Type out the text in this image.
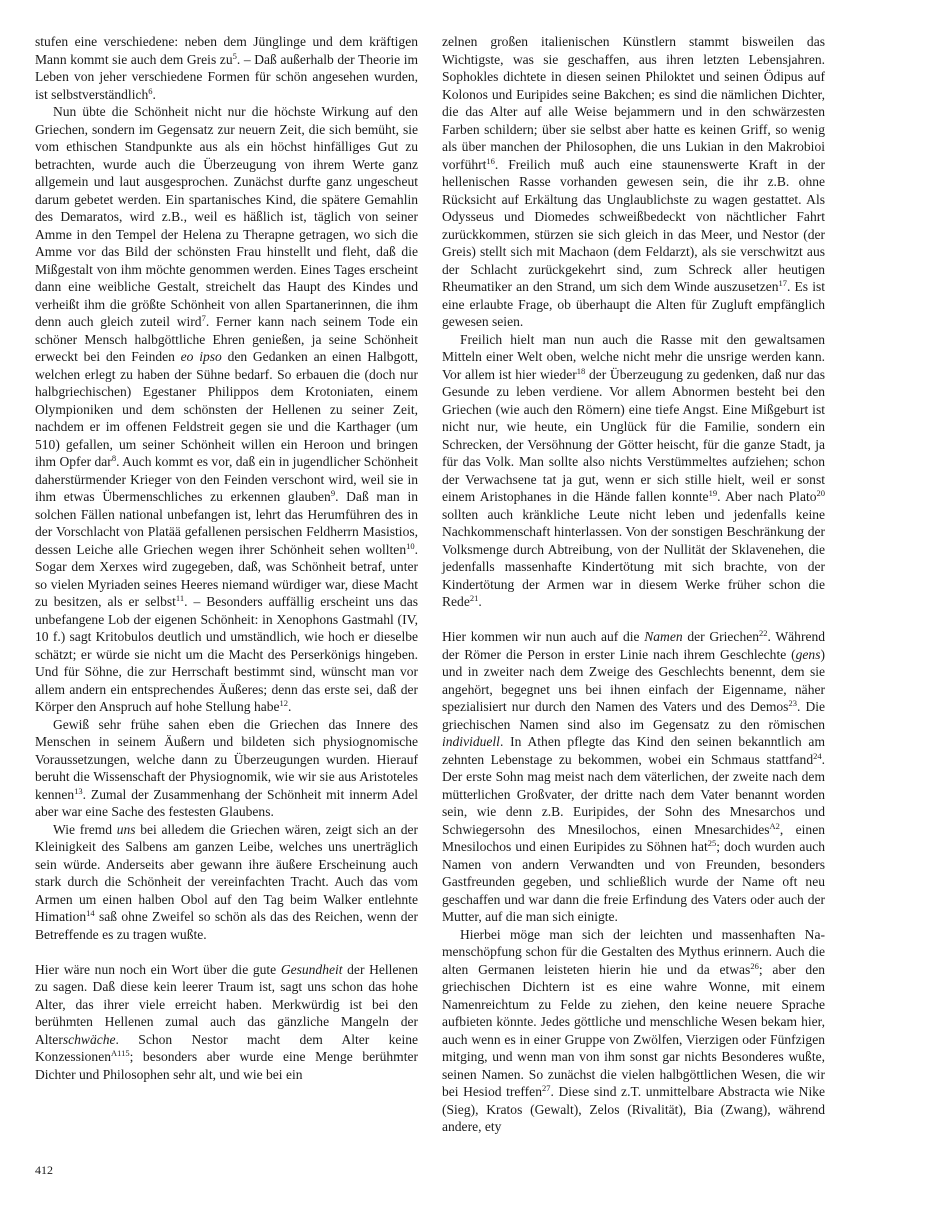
stufen eine verschiedene: neben dem Jünglinge und dem kräftigen Mann kommt sie auch dem Greis $zu^5$. – Daß außerhalb der Theorie im Leben von jeher verschiedene Formen für schön angesehen wurden, ist selbstverständlich$^6$.

Nun übte die Schönheit nicht nur die höchste Wirkung auf den Griechen, sondern im Gegensatz zur neuern Zeit, die sich bemüht, sie vom ethischen Standpunkte aus als ein höchst hinfälliges Gut zu betrachten, wurde auch die Überzeugung von ihrem Werte ganz allgemein und laut ausgesprochen. Zunächst durfte ganz ungescheut darum gebetet werden. Ein spartanisches Kind, die spätere Gemahlin des Demaratos, wird z.B., weil es häßlich ist, täglich von seiner Amme in den Tempel der Helena zu Therapne getragen, wo sich die Amme vor das Bild der schönsten Frau hinstellt und fleht, daß die Mißgestalt von ihm möchte genommen werden. Eines Tages erscheint dann eine weibliche Gestalt, streichelt das Haupt des Kindes und verheißt ihm die größte Schönheit von allen Spartanerinnen, die ihm denn auch gleich zuteil wird$^7$. Ferner kann nach seinem Tode ein schöner Mensch halbgöttliche Ehren genießen, ja seine Schönheit erweckt bei den Feinden eo ipso den Gedanken an einen Halbgott, welchen erlegt zu haben der Sühne bedarf. So erbauen die (doch nur halbgriechischen) Egestaner Philippos dem Krotoniaten, einem Olympioniken und dem schönsten der Hellenen zu seiner Zeit, nachdem er im offenen Feldstreit gegen sie und die Karthager (um 510) gefallen, um seiner Schönheit willen ein Heroon und bringen ihm Opfer dar$^8$. Auch kommt es vor, daß ein in jugendlicher Schönheit daherstürmender Krieger von den Feinden verschont wird, weil sie in ihm etwas Übermenschliches zu erkennen glauben$^9$. Daß man in solchen Fällen national unbefangen ist, lehrt das Herumführen des in der Vorschlacht von Platää gefallenen persischen Feldherrn Masistios, dessen Leiche alle Griechen wegen ihrer Schönheit sehen wollten$^{10}$. Sogar dem Xerxes wird zugegeben, daß, was Schönheit betraf, unter so vielen Myriaden seines Heeres niemand würdiger war, diese Macht zu besitzen, als er selbst$^{11}$. – Besonders auffällig erscheint uns das unbefangene Lob der eigenen Schönheit: in Xenophons Gastmahl (IV, 10 f.) sagt Kritobulos deutlich und umständlich, wie hoch er dieselbe schätzt; er würde sie nicht um die Macht des Perserkönigs hingeben. Und für Söhne, die zur Herrschaft bestimmt sind, wünscht man vor allem andern ein entsprechendes Äußeres; denn das erste sei, daß der Körper den Anspruch auf hohe Stellung habe$^{12}$.

Gewiß sehr frühe sahen eben die Griechen das Innere des Menschen in seinem Äußern und bildeten sich physiognomische Voraussetzungen, welche dann zu Überzeugungen wurden. Hierauf beruht die Wissenschaft der Physiognomik, wie wir sie aus Aristoteles kennen$^{13}$. Zumal der Zusammenhang der Schönheit mit innerm Adel aber war eine Sache des festesten Glaubens.

Wie fremd uns bei alledem die Griechen wären, zeigt sich an der Kleinigkeit des Salbens am ganzen Leibe, welches uns unerträglich sein würde. Anderseits aber gewann ihre äußere Erscheinung auch stark durch die Schönheit der vereinfachten Tracht. Auch das vom Armen um einen halben Obol auf den Tag beim Walker entlehnte Himation$^{14}$ saß ohne Zweifel so schön als das des Reichen, wenn der Betreffende es zu tragen wußte.

Hier wäre nun noch ein Wort über die gute Gesundheit der Hellenen zu sagen. Daß diese kein leerer Traum ist, sagt uns schon das hohe Alter, das ihrer viele erreicht haben. Merkwürdig ist bei den berühmten Hellenen zumal auch das gänzliche Mangeln der Alterschwäche. Schon Nestor macht dem Alter keine Konzessionen$^{A115}$; besonders aber wurde eine Menge berühmter Dichter und Philosophen sehr alt, und wie bei ein

zelnen großen italienischen Künstlern stammt bisweilen das Wichtigste, was sie geschaffen, aus ihren letzten Lebensjahren. Sophokles dichtete in diesen seinen Philoktet und seinen Ödipus auf Kolonos und Euripides seine Bakchen; es sind die nämlichen Dichter, die das Alter auf alle Weise bejammern und in den schwärzesten Farben schildern; über sie selbst aber hatte es keinen Griff, so wenig als über manchen der Philosophen, die uns Lukian in den Makrobioi vorführt$^{16}$. Freilich muß auch eine staunenswerte Kraft in der hellenischen Rasse vorhanden gewesen sein, die ihr z.B. ohne Rücksicht auf Erkältung das Unglaublichste zu wagen gestattet. Als Odysseus und Diomedes schweißbedeckt von nächtlicher Fahrt zurückkommen, stürzen sie sich gleich in das Meer, und Nestor (der Greis) stellt sich mit Machaon (dem Feldarzt), als sie verschwitzt aus der Schlacht zurückgekehrt sind, zum Schreck aller heutigen Rheumatiker an den Strand, um sich dem Winde auszusetzen$^{17}$. Es ist eine erlaubte Frage, ob überhaupt die Alten für Zugluft empfänglich gewesen seien.

Freilich hielt man nun auch die Rasse mit den gewaltsamen Mitteln einer Welt oben, welche nicht mehr die unsrige werden kann. Vor allem ist hier wieder$^{18}$ der Überzeugung zu gedenken, daß nur das Gesunde zu leben verdiene. Vor allem Abnormen besteht bei den Griechen (wie auch den Römern) eine tiefe Angst. Eine Mißgeburt ist nicht nur, wie heute, ein Unglück für die Familie, sondern ein Schrecken, der Versöhnung der Götter heischt, für die ganze Stadt, ja für das Volk. Man sollte also nichts Verstümmeltes aufziehen; schon der Verwachsene tat ja gut, wenn er sich stille hielt, weil er sonst einem Aristophanes in die Hände fallen konnte$^{19}$. Aber nach Plato$^{20}$ sollten auch kränkliche Leute nicht leben und jedenfalls keine Nachkommenschaft hinterlassen. Von der sonstigen Beschränkung der Volksmenge durch Abtreibung, von der Nullität der Sklavenehen, die jedenfalls massenhafte Kindertötung mit sich brachte, von der Kindertötung der Armen war in diesem Werke früher schon die Rede$^{21}$.

Hier kommen wir nun auch auf die Namen der Griechen$^{22}$. Während der Römer die Person in erster Linie nach ihrem Geschlechte (gens) und in zweiter nach dem Zweige des Geschlechts benennt, dem sie angehört, begegnet uns bei ihnen einfach der Eigenname, näher spezialisiert nur durch den Namen des Vaters und des Demos$^{23}$. Die griechischen Namen sind also im Gegensatz zu den römischen individuell. In Athen pflegte das Kind den seinen bekanntlich am zehnten Lebenstage zu bekommen, wobei ein Schmaus stattfand$^{24}$. Der erste Sohn mag meist nach dem väterlichen, der zweite nach dem mütterlichen Großvater, der dritte nach dem Vater benannt worden sein, wie denn z.B. Euripides, der Sohn des Mnesarchos und Schwiegersohn des Mnesilochos, einen Mnesarchides$^{A2}$, einen Mnesilochos und einen Euripides zu Söhnen hat$^{25}$; doch wurden auch Namen von andern Verwandten und von Freunden, besonders Gastfreunden gegeben, und schließlich wurde der Name oft neu geschaffen und war dann die freie Erfindung des Vaters oder auch der Mutter, auf die man sich einigte.

Hierbei möge man sich der leichten und massenhaften Namenschöpfung schon für die Gestalten des Mythus erinnern. Auch die alten Germanen leisteten hierin hie und da etwas$^{26}$; aber den griechischen Dichtern ist es eine wahre Wonne, mit einem Namenreichtum zu Felde zu ziehen, den keine neuere Sprache aufbieten könnte. Jedes göttliche und menschliche Wesen bekam hier, auch wenn es in einer Gruppe von Zwölfen, Vierzigen oder Fünfzigen mitging, und wenn man von ihm sonst gar nichts Besonderes wußte, seinen Namen. So zunächst die vielen halbgöttlichen Wesen, die wir bei Hesiod treffen$^{27}$. Diese sind z.T. unmittelbare Abstracta wie Nike (Sieg), Kratos (Gewalt), Zelos (Rivalität), Bia (Zwang), während andere, ety

412
